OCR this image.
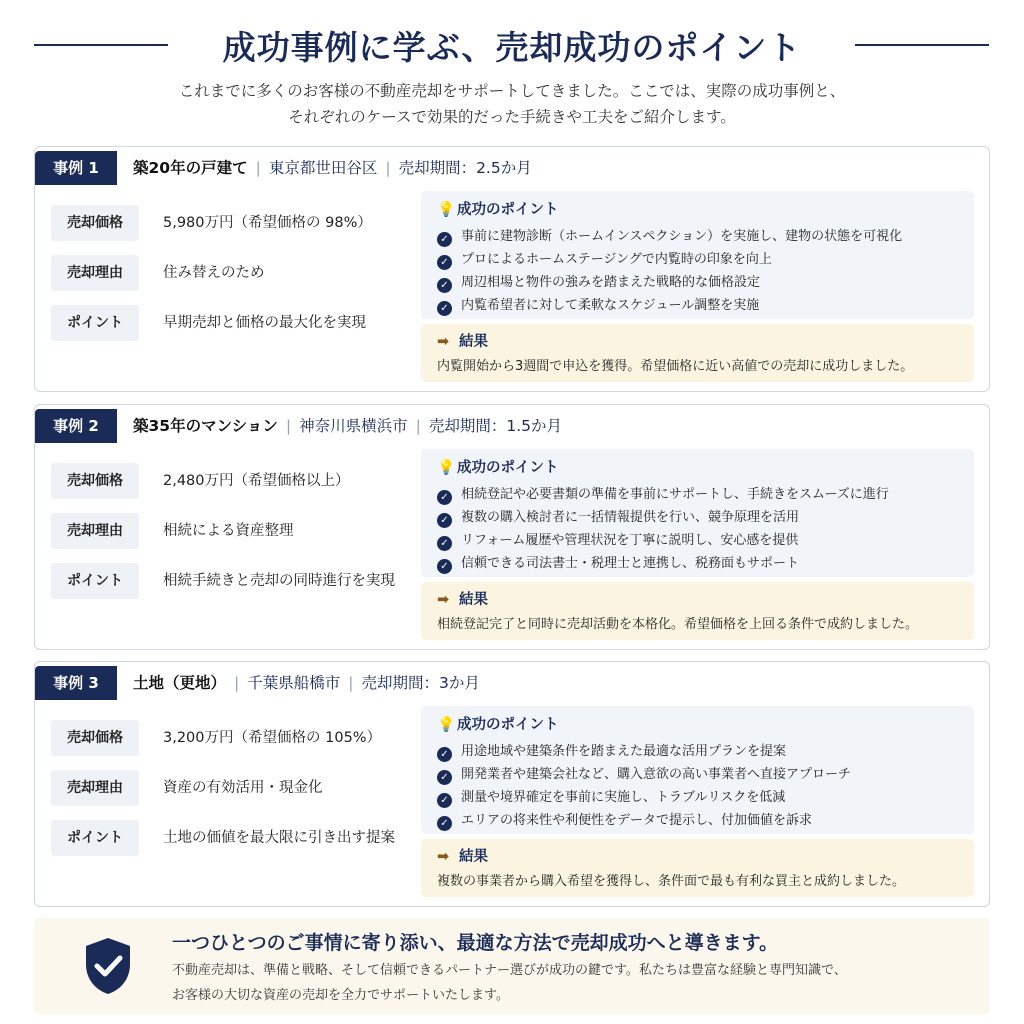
成功事例に学ぶ、売却成功のポイント
これまでに多くのお客様の不動産売却をサポートしてきました。ここでは、実際の成功事例と、
それぞれのケースで効果的だった手続きや工夫をご紹介します。
事例 1	築20年の戸建て | 東京都世田谷区 | 売却期間：2.5か月
売却価格	5,980万円（希望価格の 98%）
売却理由	住み替えのため
ポイント	早期売却と価格の最大化を実現
💡 成功のポイント
✓ 事前に建物診断（ホームインスペクション）を実施し、建物の状態を可視化
✓ プロによるホームステージングで内覧時の印象を向上
✓ 周辺相場と物件の強みを踏まえた戦略的な価格設定
✓ 内覧希望者に対して柔軟なスケジュール調整を実施
➡ 結果
内覧開始から3週間で申込を獲得。希望価格に近い高値での売却に成功しました。
事例 2	築35年のマンション | 神奈川県横浜市 | 売却期間：1.5か月
売却価格	2,480万円（希望価格以上）
売却理由	相続による資産整理
ポイント	相続手続きと売却の同時進行を実現
💡 成功のポイント
✓ 相続登記や必要書類の準備を事前にサポートし、手続きをスムーズに進行
✓ 複数の購入検討者に一括情報提供を行い、競争原理を活用
✓ リフォーム履歴や管理状況を丁寧に説明し、安心感を提供
✓ 信頼できる司法書士・税理士と連携し、税務面もサポート
➡ 結果
相続登記完了と同時に売却活動を本格化。希望価格を上回る条件で成約しました。
事例 3	土地（更地） | 千葉県船橋市 | 売却期間：3か月
売却価格	3,200万円（希望価格の 105%）
売却理由	資産の有効活用・現金化
ポイント	土地の価値を最大限に引き出す提案
💡 成功のポイント
✓ 用途地域や建築条件を踏まえた最適な活用プランを提案
✓ 開発業者や建築会社など、購入意欲の高い事業者へ直接アプローチ
✓ 測量や境界確定を事前に実施し、トラブルリスクを低減
✓ エリアの将来性や利便性をデータで提示し、付加価値を訴求
➡ 結果
複数の事業者から購入希望を獲得し、条件面で最も有利な買主と成約しました。
一つひとつのご事情に寄り添い、最適な方法で売却成功へと導きます。
不動産売却は、準備と戦略、そして信頼できるパートナー選びが成功の鍵です。私たちは豊富な経験と専門知識で、
お客様の大切な資産の売却を全力でサポートいたします。
